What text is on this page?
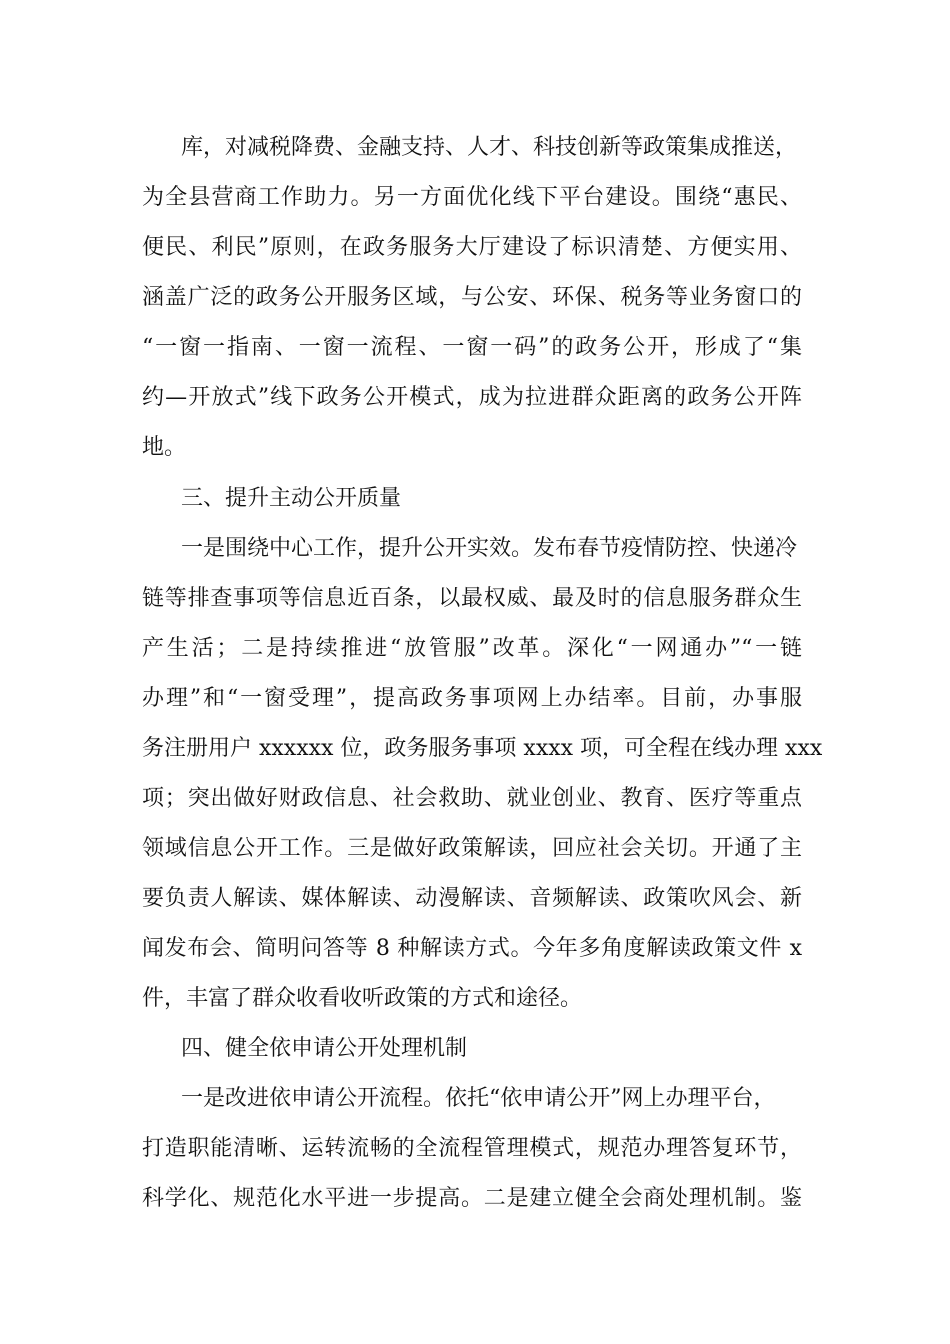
库，对减税降费、金融支持、人才、科技创新等政策集成推送，
为全县营商工作助力。另一方面优化线下平台建设。围绕“惠民、
便民、利民”原则，在政务服务大厅建设了标识清楚、方便实用、
涵盖广泛的政务公开服务区域，与公安、环保、税务等业务窗口的
“一窗一指南、一窗一流程、一窗一码”的政务公开，形成了“集
约—开放式”线下政务公开模式，成为拉进群众距离的政务公开阵
地。
三、提升主动公开质量
一是围绕中心工作，提升公开实效。发布春节疫情防控、快递冷
链等排查事项等信息近百条，以最权威、最及时的信息服务群众生
产生活；二是持续推进“放管服”改革。深化“一网通办”“一链
办理”和“一窗受理”，提高政务事项网上办结率。目前，办事服
务注册用户 xxxxxx 位，政务服务事项 xxxx 项，可全程在线办理 xxx
项；突出做好财政信息、社会救助、就业创业、教育、医疗等重点
领域信息公开工作。三是做好政策解读，回应社会关切。开通了主
要负责人解读、媒体解读、动漫解读、音频解读、政策吹风会、新
闻发布会、简明问答等 8 种解读方式。今年多角度解读政策文件 x
件，丰富了群众收看收听政策的方式和途径。
四、健全依申请公开处理机制
一是改进依申请公开流程。依托“依申请公开”网上办理平台，
打造职能清晰、运转流畅的全流程管理模式，规范办理答复环节，
科学化、规范化水平进一步提高。二是建立健全会商处理机制。鉴
